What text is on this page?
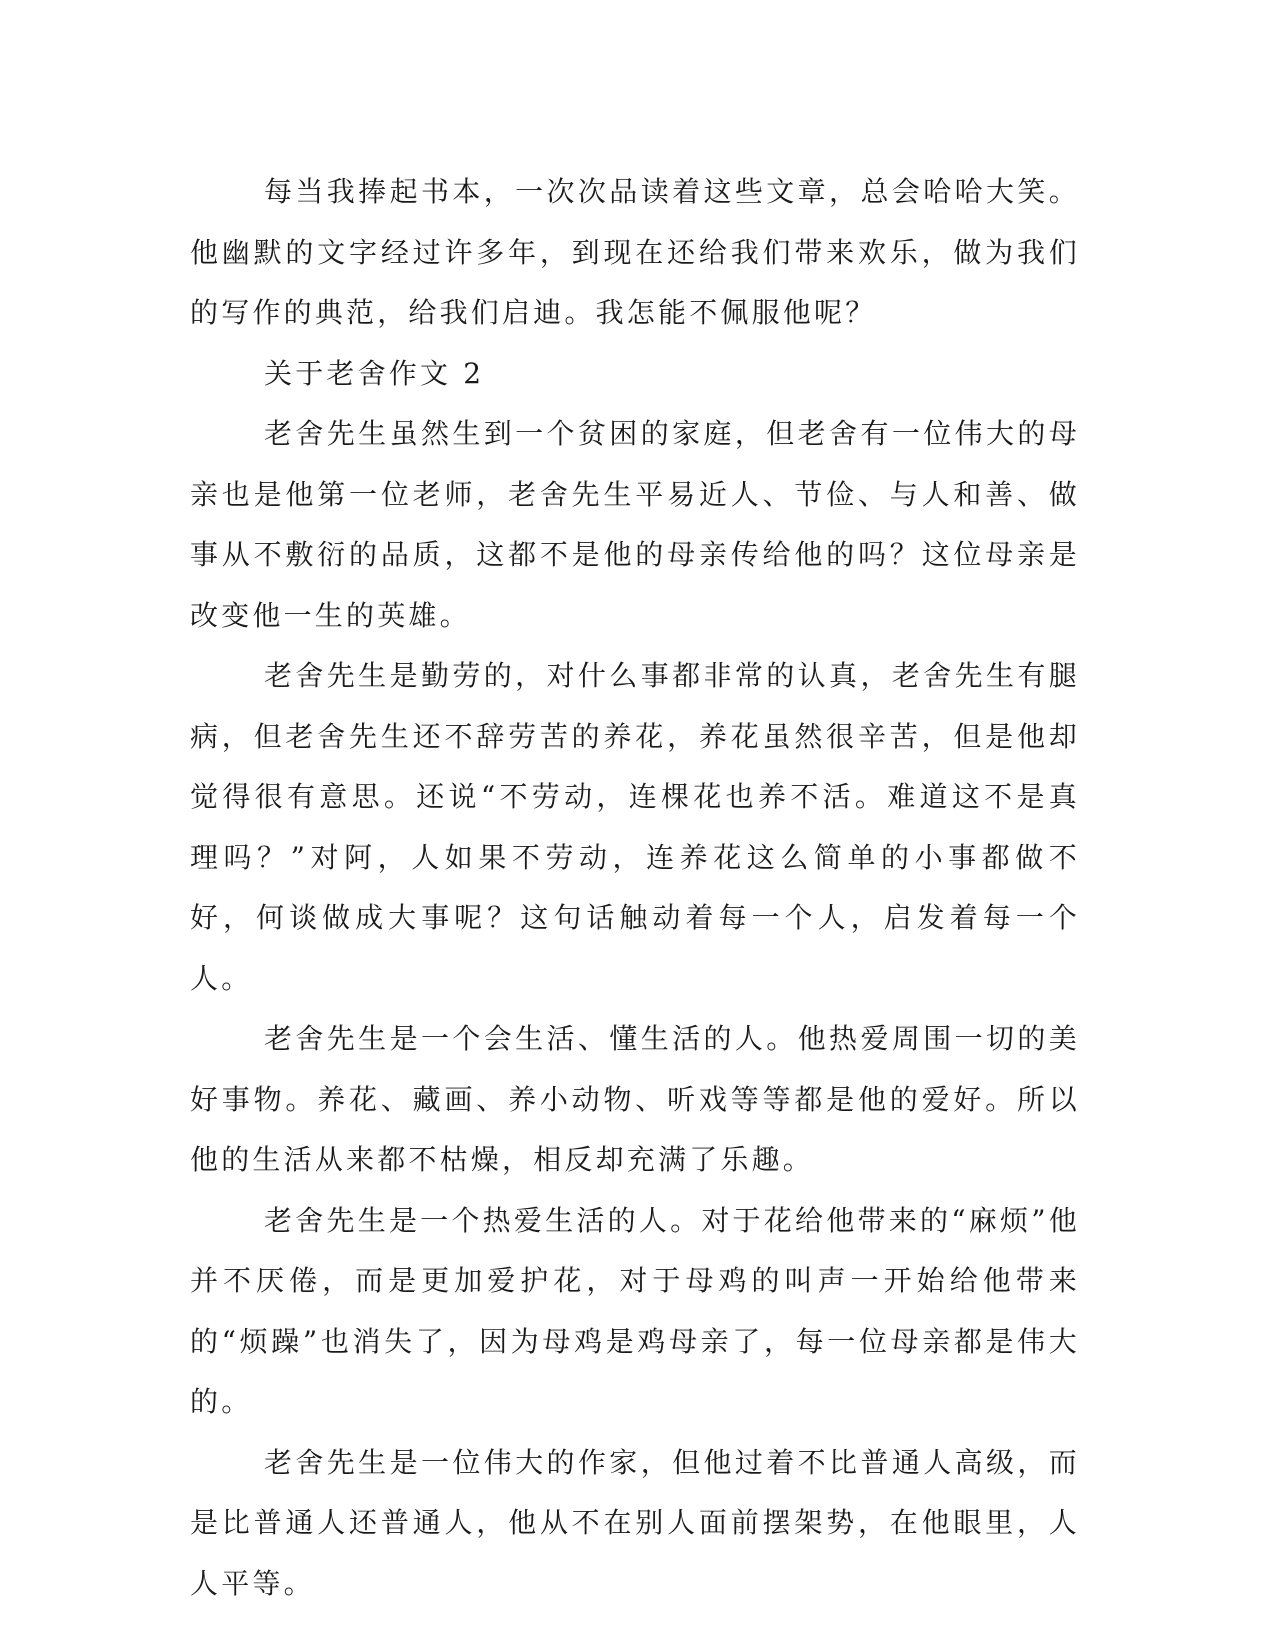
每当我捧起书本，一次次品读着这些文章，总会哈哈大笑。他幽默的文字经过许多年，到现在还给我们带来欢乐，做为我们的写作的典范，给我们启迪。我怎能不佩服他呢？

关于老舍作文 2

老舍先生虽然生到一个贫困的家庭，但老舍有一位伟大的母亲也是他第一位老师，老舍先生平易近人、节俭、与人和善、做事从不敷衍的品质，这都不是他的母亲传给他的吗？这位母亲是改变他一生的英雄。

老舍先生是勤劳的，对什么事都非常的认真，老舍先生有腿病，但老舍先生还不辞劳苦的养花，养花虽然很辛苦，但是他却觉得很有意思。还说“不劳动，连棵花也养不活。难道这不是真理吗？”对阿，人如果不劳动，连养花这么简单的小事都做不好，何谈做成大事呢？这句话触动着每一个人，启发着每一个人。

老舍先生是一个会生活、懂生活的人。他热爱周围一切的美好事物。养花、藏画、养小动物、听戏等等都是他的爱好。所以他的生活从来都不枯燥，相反却充满了乐趣。

老舍先生是一个热爱生活的人。对于花给他带来的“麻烦”他并不厌倦，而是更加爱护花，对于母鸡的叫声一开始给他带来的“烦躁”也消失了，因为母鸡是鸡母亲了，每一位母亲都是伟大的。

老舍先生是一位伟大的作家，但他过着不比普通人高级，而是比普通人还普通人，他从不在别人面前摆架势，在他眼里，人人平等。
